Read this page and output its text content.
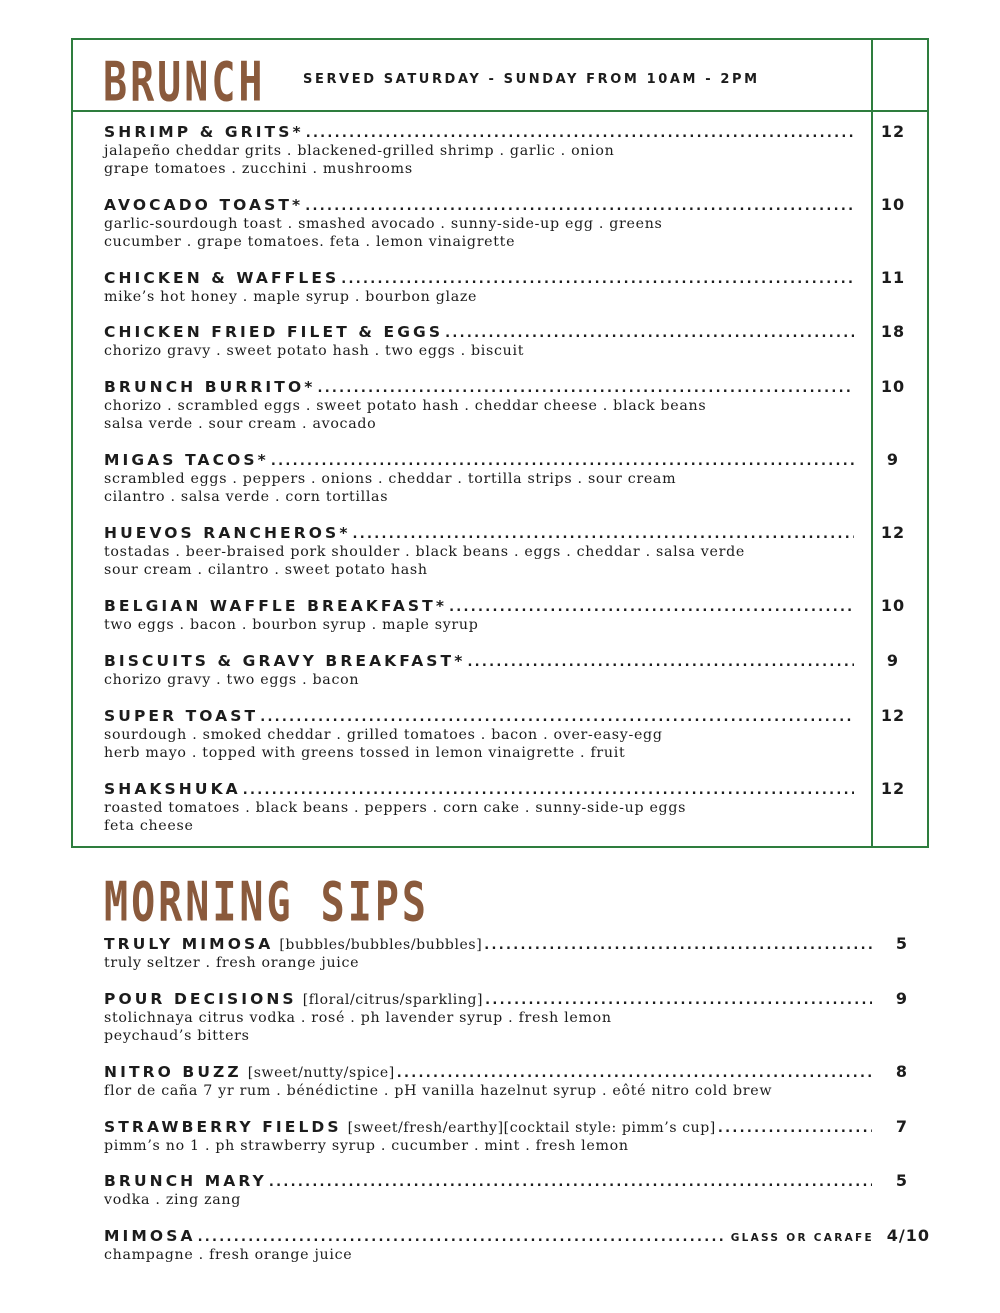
BRUNCH	SERVED SATURDAY - SUNDAY FROM 10AM - 2PM
SHRIMP & GRITS* .....	12
jalapeño cheddar grits . blackened-grilled shrimp . garlic . onion
grape tomatoes . zucchini . mushrooms
AVOCADO TOAST* .....	10
garlic-sourdough toast . smashed avocado . sunny-side-up egg . greens
cucumber . grape tomatoes. feta . lemon vinaigrette
CHICKEN & WAFFLES .....	11
mike’s hot honey . maple syrup . bourbon glaze
CHICKEN FRIED FILET & EGGS .....	18
chorizo gravy . sweet potato hash . two eggs . biscuit
BRUNCH BURRITO* .....	10
chorizo . scrambled eggs . sweet potato hash . cheddar cheese . black beans
salsa verde . sour cream . avocado
MIGAS TACOS* .....	9
scrambled eggs . peppers . onions . cheddar . tortilla strips . sour cream
cilantro . salsa verde . corn tortillas
HUEVOS RANCHEROS* .....	12
tostadas . beer-braised pork shoulder . black beans . eggs . cheddar . salsa verde
sour cream . cilantro . sweet potato hash
BELGIAN WAFFLE BREAKFAST* .....	10
two eggs . bacon . bourbon syrup . maple syrup
BISCUITS & GRAVY BREAKFAST* .....	9
chorizo gravy . two eggs . bacon
SUPER TOAST .....	12
sourdough . smoked cheddar . grilled tomatoes . bacon . over-easy-egg
herb mayo . topped with greens tossed in lemon vinaigrette . fruit
SHAKSHUKA .....	12
roasted tomatoes . black beans . peppers . corn cake . sunny-side-up eggs
feta cheese
MORNING SIPS
TRULY MIMOSA [bubbles/bubbles/bubbles] .....	5
truly seltzer . fresh orange juice
POUR DECISIONS [floral/citrus/sparkling] .....	9
stolichnaya citrus vodka . rosé . ph lavender syrup . fresh lemon
peychaud’s bitters
NITRO BUZZ [sweet/nutty/spice] .....	8
flor de caña 7 yr rum . bénédictine . pH vanilla hazelnut syrup . eôté nitro cold brew
STRAWBERRY FIELDS [sweet/fresh/earthy][cocktail style: pimm’s cup] .....	7
pimm’s no 1 . ph strawberry syrup . cucumber . mint . fresh lemon
BRUNCH MARY .....	5
vodka . zing zang
MIMOSA .....	GLASS OR CARAFE 4/10
champagne . fresh orange juice
